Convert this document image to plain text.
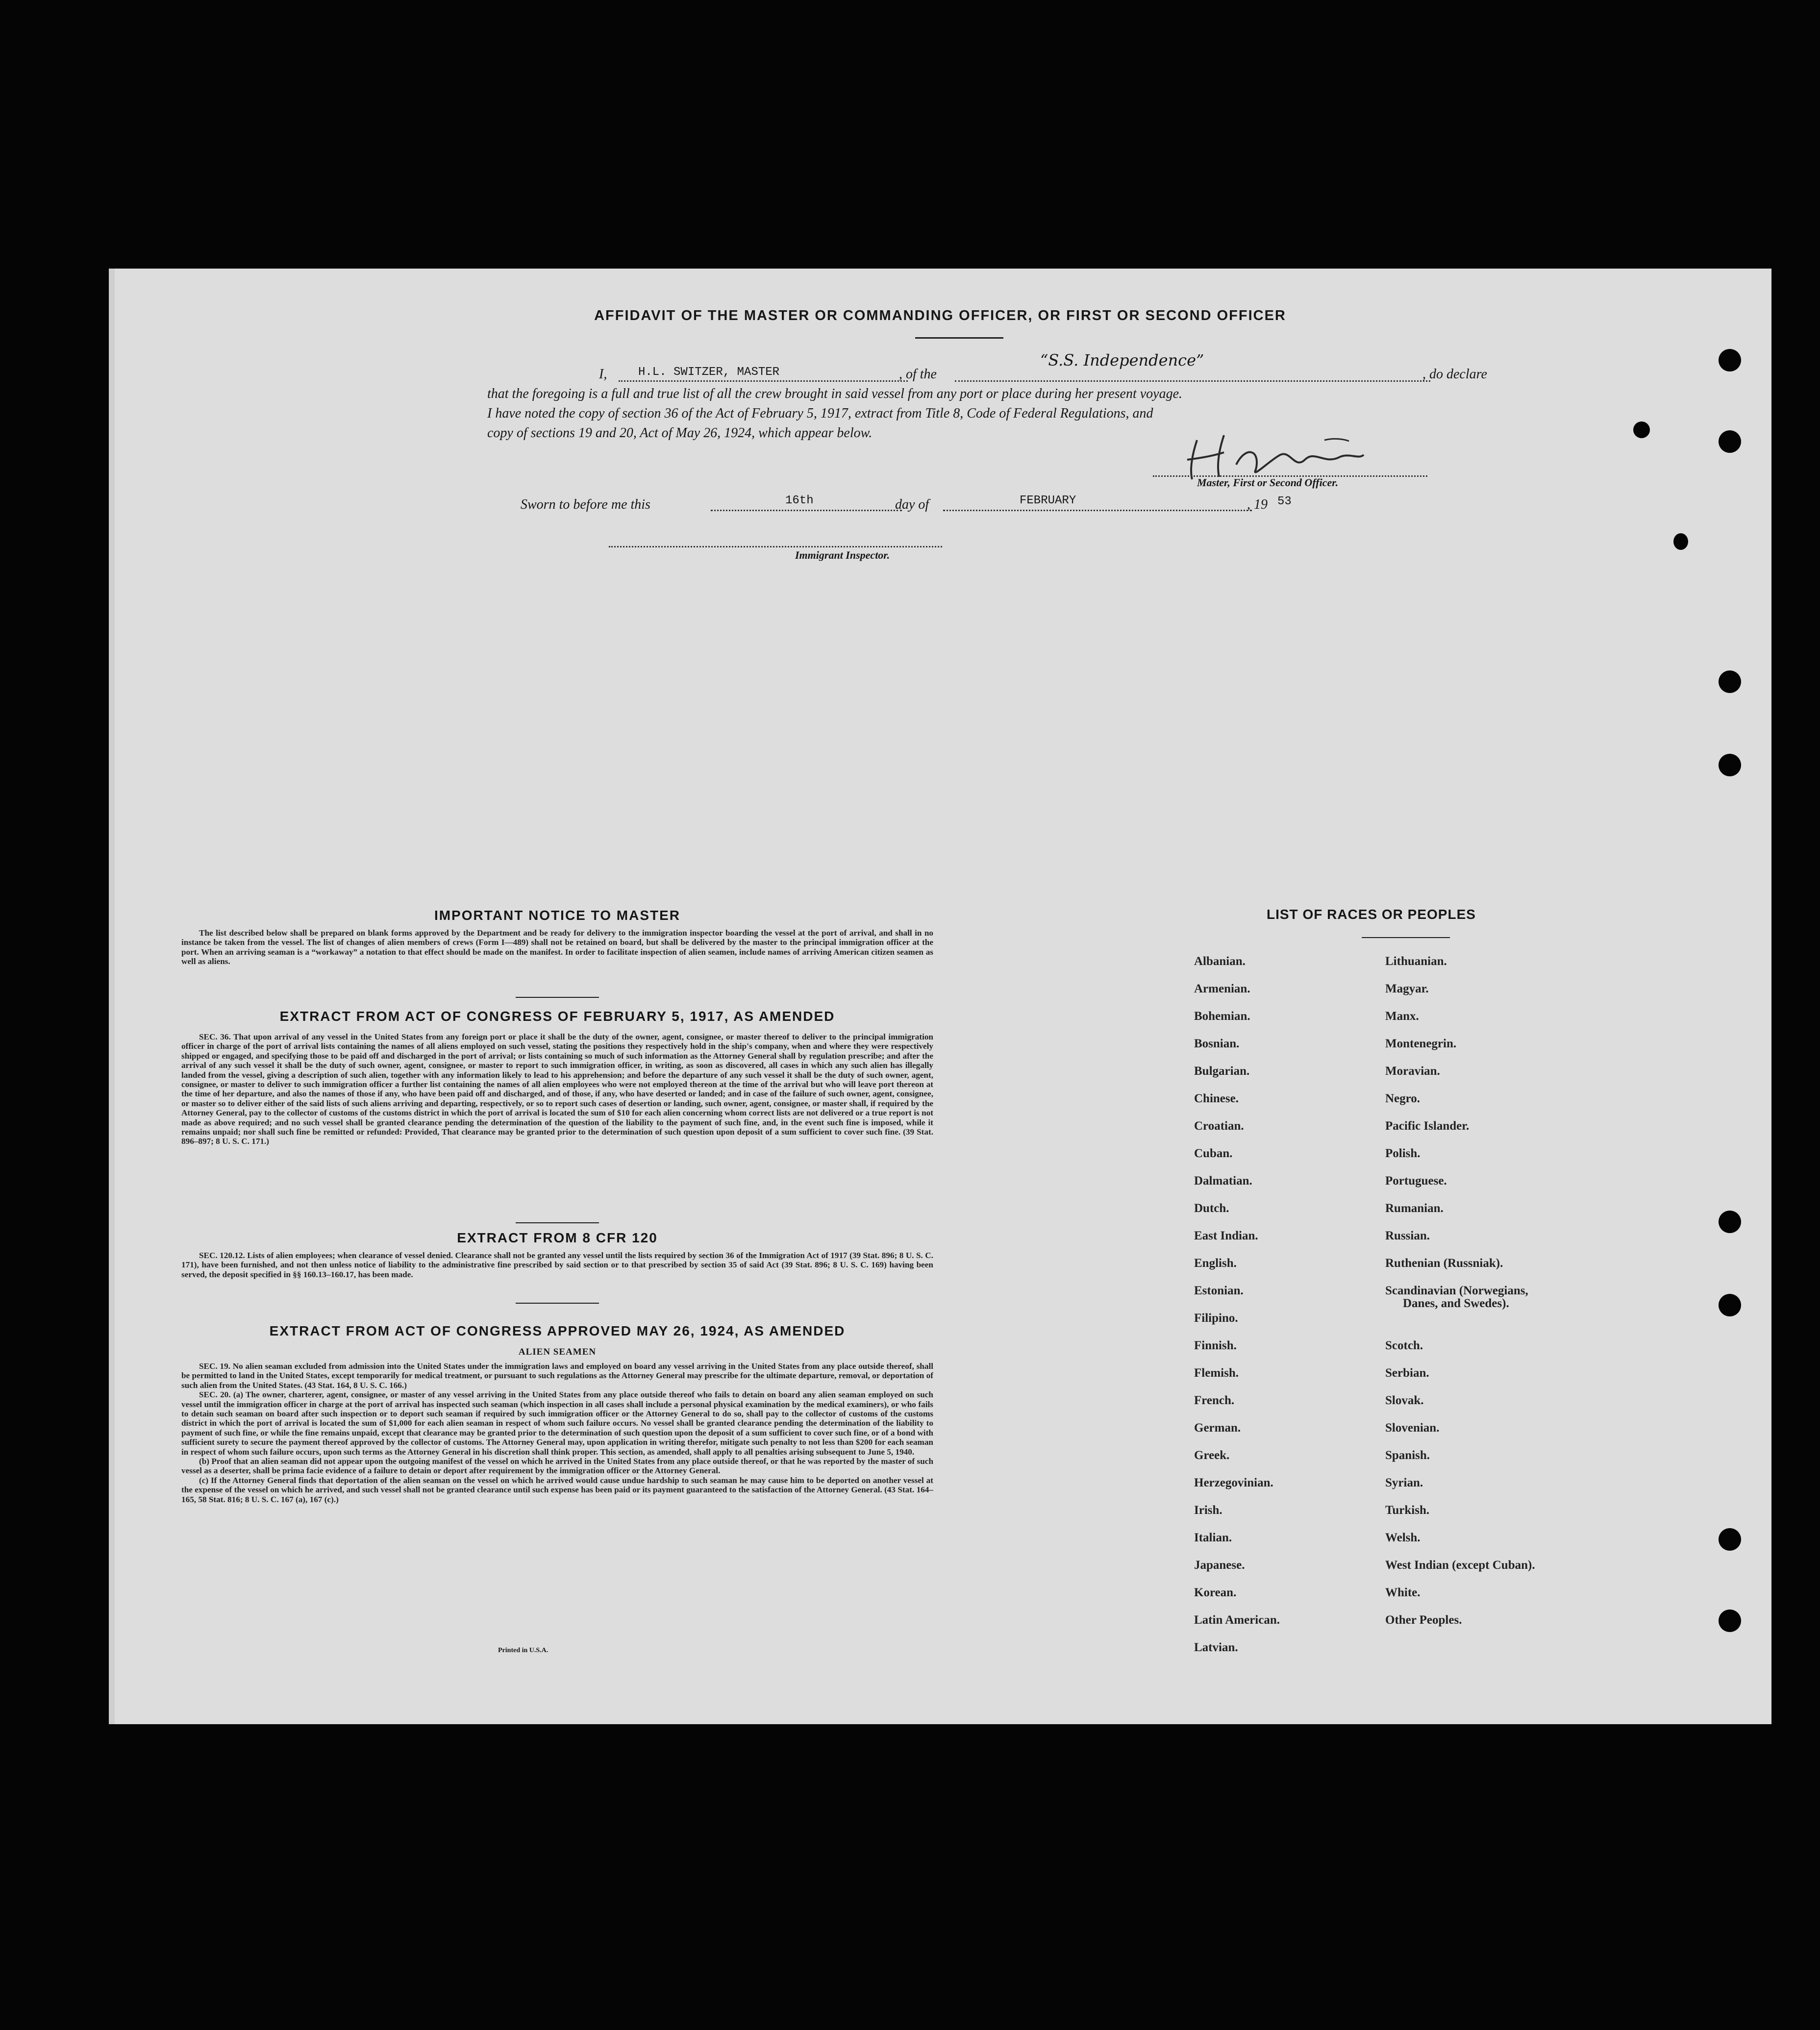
AFFIDAVIT OF THE MASTER OR COMMANDING OFFICER, OR FIRST OR SECOND OFFICER
I,	H.L. SWITZER, MASTER	, of the
“S.S. Independence”
, do declare
that the foregoing is a full and true list of all the crew brought in said vessel from any port or place during her present voyage.
I have noted the copy of section 36 of the Act of February 5, 1917, extract from Title 8, Code of Federal Regulations, and
copy of sections 19 and 20, Act of May 26, 1924, which appear below.
Master, First or Second Officer.
Sworn to before me this	16th	day of	FEBRUARY	, 19 53
Immigrant Inspector.
IMPORTANT NOTICE TO MASTER

The list described below shall be prepared on blank forms approved by the Department and be ready for delivery to the immigration inspector boarding the vessel at the port of arrival, and shall in no instance be taken from the vessel. The list of changes of alien members of crews (Form I—489) shall not be retained on board, but shall be delivered by the master to the principal immigration officer at the port. When an arriving seaman is a “workaway” a notation to that effect should be made on the manifest. In order to facilitate inspection of alien seamen, include names of arriving American citizen seamen as well as aliens.

EXTRACT FROM ACT OF CONGRESS OF FEBRUARY 5, 1917, AS AMENDED

SEC. 36. That upon arrival of any vessel in the United States from any foreign port or place it shall be the duty of the owner, agent, consignee, or master thereof to deliver to the principal immigration officer in charge of the port of arrival lists containing the names of all aliens employed on such vessel, stating the positions they respectively hold in the ship's company, when and where they were respectively shipped or engaged, and specifying those to be paid off and discharged in the port of arrival; or lists containing so much of such information as the Attorney General shall by regulation prescribe; and after the arrival of any such vessel it shall be the duty of such owner, agent, consignee, or master to report to such immigration officer, in writing, as soon as discovered, all cases in which any such alien has illegally landed from the vessel, giving a description of such alien, together with any information likely to lead to his apprehension; and before the departure of any such vessel it shall be the duty of such owner, agent, consignee, or master to deliver to such immigration officer a further list containing the names of all alien employees who were not employed thereon at the time of the arrival but who will leave port thereon at the time of her departure, and also the names of those if any, who have been paid off and discharged, and of those, if any, who have deserted or landed; and in case of the failure of such owner, agent, consignee, or master so to deliver either of the said lists of such aliens arriving and departing, respectively, or so to report such cases of desertion or landing, such owner, agent, consignee, or master shall, if required by the Attorney General, pay to the collector of customs of the customs district in which the port of arrival is located the sum of $10 for each alien concerning whom correct lists are not delivered or a true report is not made as above required; and no such vessel shall be granted clearance pending the determination of the question of the liability to the payment of such fine, and, in the event such fine is imposed, while it remains unpaid; nor shall such fine be remitted or refunded: Provided, That clearance may be granted prior to the determination of such question upon deposit of a sum sufficient to cover such fine. (39 Stat. 896–897; 8 U. S. C. 171.)

EXTRACT FROM 8 CFR 120

SEC. 120.12. Lists of alien employees; when clearance of vessel denied. Clearance shall not be granted any vessel until the lists required by section 36 of the Immigration Act of 1917 (39 Stat. 896; 8 U. S. C. 171), have been furnished, and not then unless notice of liability to the administrative fine prescribed by said section or to that prescribed by section 35 of said Act (39 Stat. 896; 8 U. S. C. 169) having been served, the deposit specified in §§ 160.13–160.17, has been made.

EXTRACT FROM ACT OF CONGRESS APPROVED MAY 26, 1924, AS AMENDED
ALIEN SEAMEN

SEC. 19. No alien seaman excluded from admission into the United States under the immigration laws and employed on board any vessel arriving in the United States from any place outside thereof, shall be permitted to land in the United States, except temporarily for medical treatment, or pursuant to such regulations as the Attorney General may prescribe for the ultimate departure, removal, or deportation of such alien from the United States. (43 Stat. 164, 8 U. S. C. 166.)

SEC. 20. (a) The owner, charterer, agent, consignee, or master of any vessel arriving in the United States from any place outside thereof who fails to detain on board any alien seaman employed on such vessel until the immigration officer in charge at the port of arrival has inspected such seaman (which inspection in all cases shall include a personal physical examination by the medical examiners), or who fails to detain such seaman on board after such inspection or to deport such seaman if required by such immigration officer or the Attorney General to do so, shall pay to the collector of customs of the customs district in which the port of arrival is located the sum of $1,000 for each alien seaman in respect of whom such failure occurs. No vessel shall be granted clearance pending the determination of the liability to payment of such fine, or while the fine remains unpaid, except that clearance may be granted prior to the determination of such question upon the deposit of a sum sufficient to cover such fine, or of a bond with sufficient surety to secure the payment thereof approved by the collector of customs. The Attorney General may, upon application in writing therefor, mitigate such penalty to not less than $200 for each seaman in respect of whom such failure occurs, upon such terms as the Attorney General in his discretion shall think proper. This section, as amended, shall apply to all penalties arising subsequent to June 5, 1940.

(b) Proof that an alien seaman did not appear upon the outgoing manifest of the vessel on which he arrived in the United States from any place outside thereof, or that he was reported by the master of such vessel as a deserter, shall be prima facie evidence of a failure to detain or deport after requirement by the immigration officer or the Attorney General.

(c) If the Attorney General finds that deportation of the alien seaman on the vessel on which he arrived would cause undue hardship to such seaman he may cause him to be deported on another vessel at the expense of the vessel on which he arrived, and such vessel shall not be granted clearance until such expense has been paid or its payment guaranteed to the satisfaction of the Attorney General. (43 Stat. 164–165, 58 Stat. 816; 8 U. S. C. 167 (a), 167 (c).)

Printed in U.S.A.
LIST OF RACES OR PEOPLES
Albanian.
Armenian.
Bohemian.
Bosnian.
Bulgarian.
Chinese.
Croatian.
Cuban.
Dalmatian.
Dutch.
East Indian.
English.
Estonian.
Filipino.
Finnish.
Flemish.
French.
German.
Greek.
Herzegovinian.
Irish.
Italian.
Japanese.
Korean.
Latin American.
Latvian.
Lithuanian.
Magyar.
Manx.
Montenegrin.
Moravian.
Negro.
Pacific Islander.
Polish.
Portuguese.
Rumanian.
Russian.
Ruthenian (Russniak).
Scandinavian (Norwegians,
Danes, and Swedes).
Scotch.
Serbian.
Slovak.
Slovenian.
Spanish.
Syrian.
Turkish.
Welsh.
West Indian (except Cuban).
White.
Other Peoples.
